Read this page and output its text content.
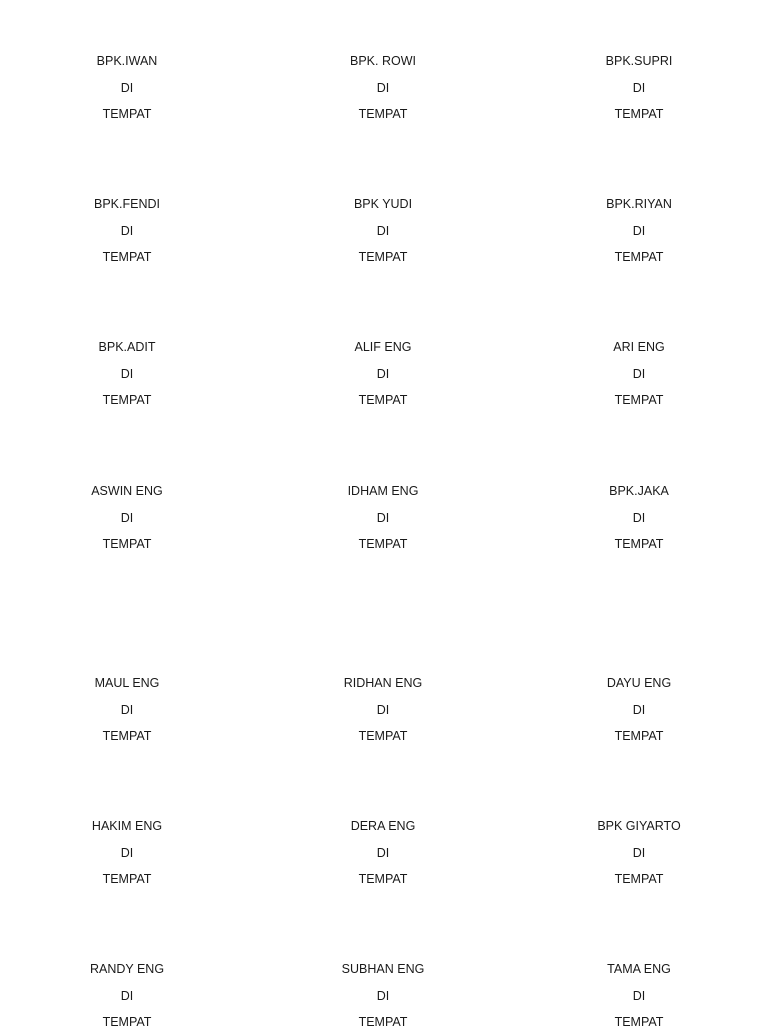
BPK.IWAN
DI
TEMPAT
BPK. ROWI
DI
TEMPAT
BPK.SUPRI
DI
TEMPAT
BPK.FENDI
DI
TEMPAT
BPK YUDI
DI
TEMPAT
BPK.RIYAN
DI
TEMPAT
BPK.ADIT
DI
TEMPAT
ALIF ENG
DI
TEMPAT
ARI ENG
DI
TEMPAT
ASWIN ENG
DI
TEMPAT
IDHAM ENG
DI
TEMPAT
BPK.JAKA
DI
TEMPAT
MAUL ENG
DI
TEMPAT
RIDHAN ENG
DI
TEMPAT
DAYU ENG
DI
TEMPAT
HAKIM ENG
DI
TEMPAT
DERA ENG
DI
TEMPAT
BPK GIYARTO
DI
TEMPAT
RANDY ENG
DI
TEMPAT
SUBHAN ENG
DI
TEMPAT
TAMA ENG
DI
TEMPAT
